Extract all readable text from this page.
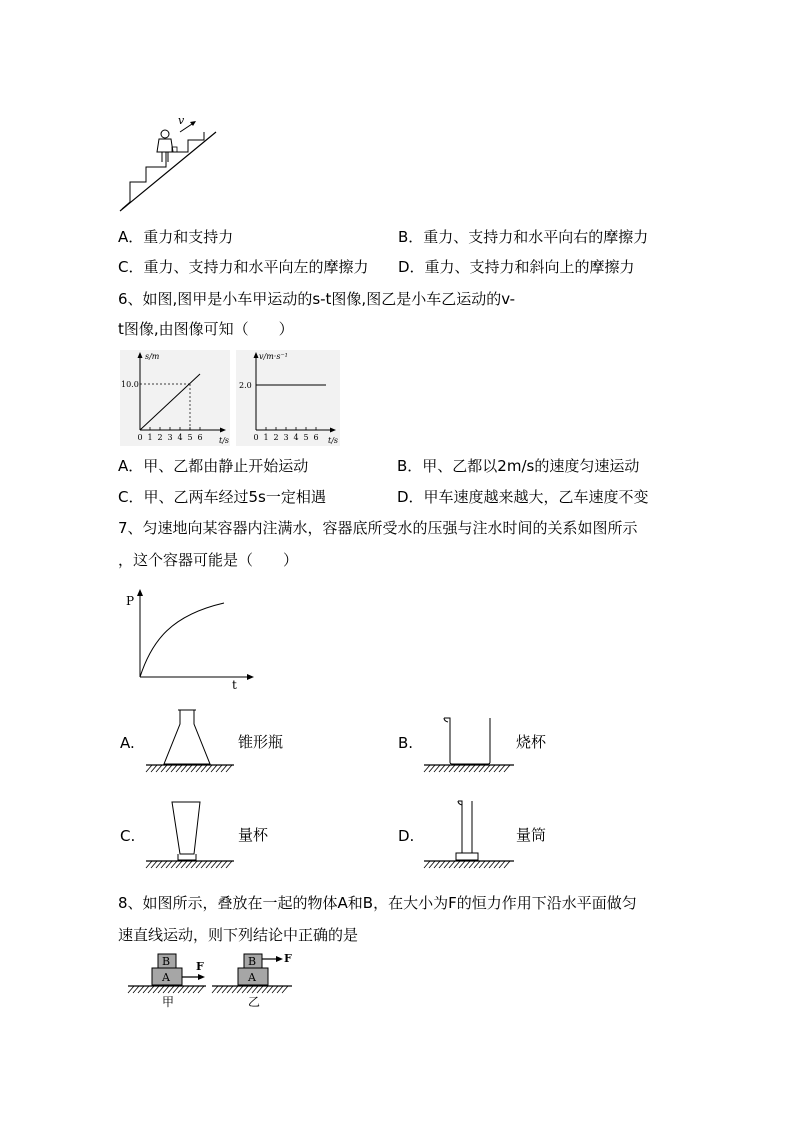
v
A．重力和支持力	B．重力、支持力和水平向右的摩擦力
C．重力、支持力和水平向左的摩擦力 D．重力、支持力和斜向上的摩擦力
6、如图,图甲是小车甲运动的s-t图像,图乙是小车乙运动的v-
t图像,由图像可知（　　）
s/m
10.0
t/s
0 1 2 3 4 5 6
v/m·s⁻¹
2.0
t/s
0 1 2 3 4 5 6
A．甲、乙都由静止开始运动	B．甲、乙都以2m/s的速度匀速运动
C．甲、乙两车经过5s一定相遇	D．甲车速度越来越大，乙车速度不变
7、匀速地向某容器内注满水，容器底所受水的压强与注水时间的关系如图所示
，这个容器可能是（　　）
P
t
A.	锥形瓶	B.	烧杯
C.	量杯	D.	量筒
8、如图所示，叠放在一起的物体A和B，在大小为F的恒力作用下沿水平面做匀
速直线运动，则下列结论中正确的是
B
A
F
甲
B
A
F
乙
